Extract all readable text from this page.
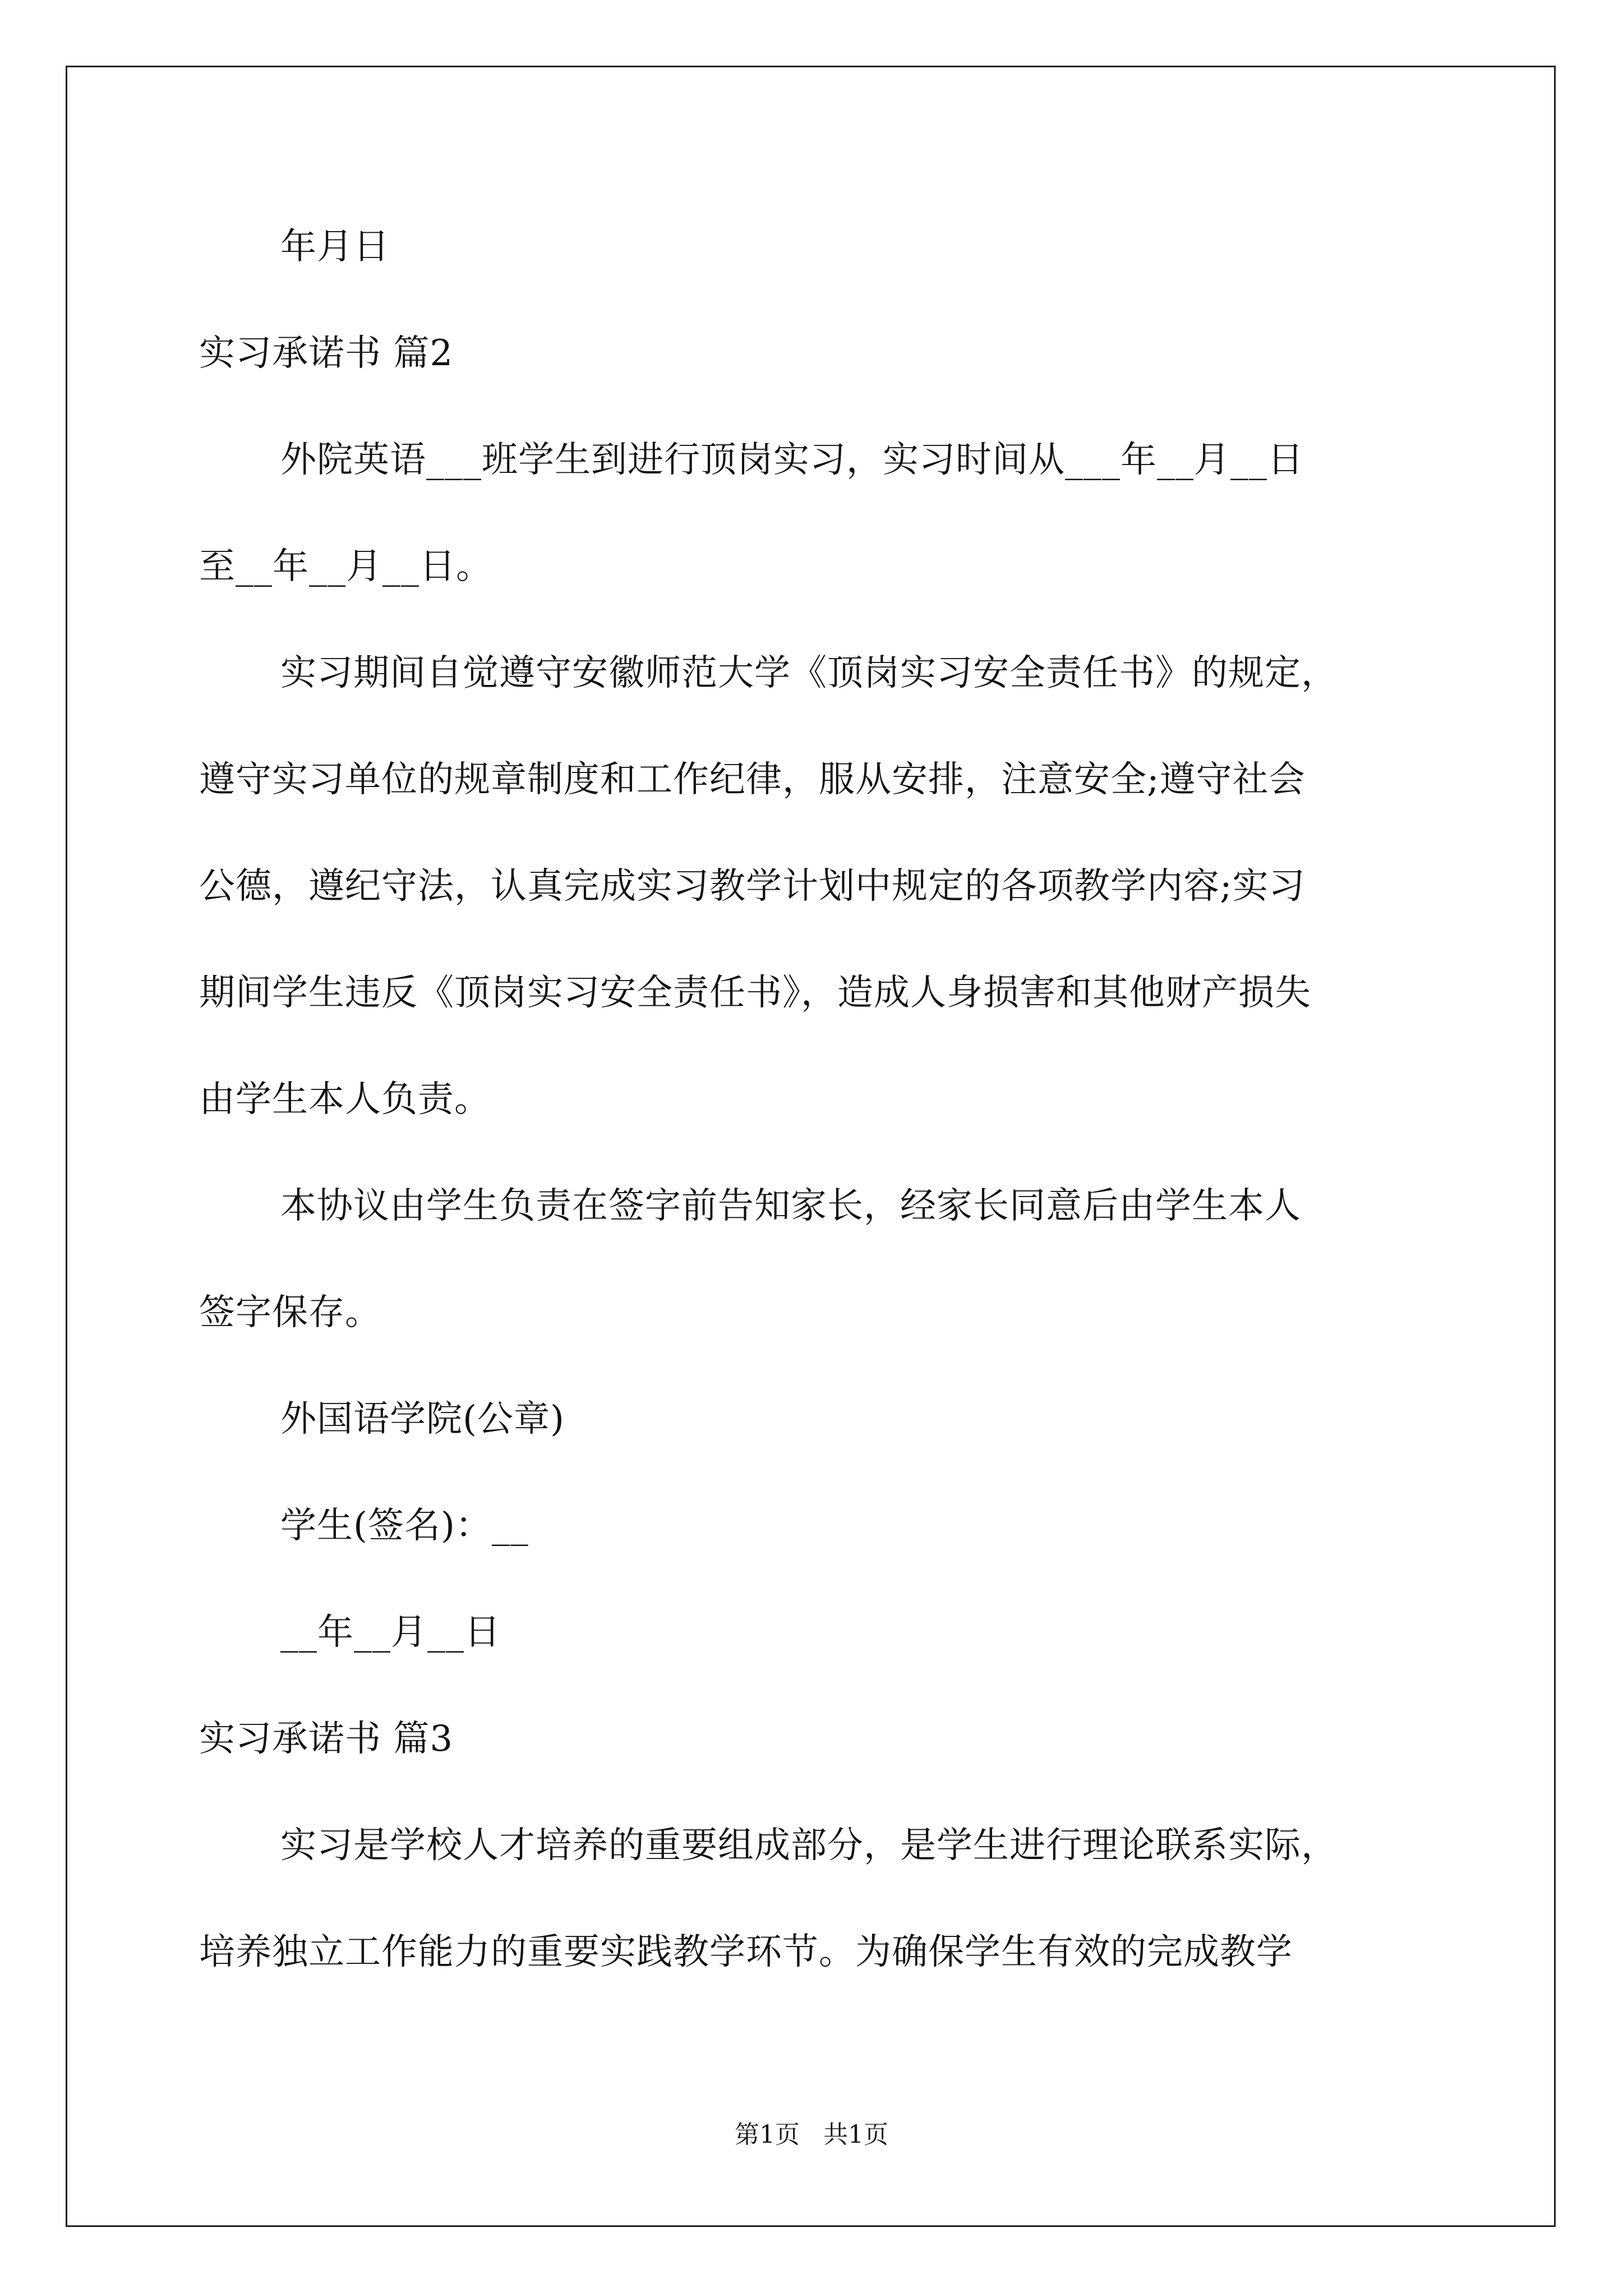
年月日
实习承诺书 篇2
外院英语___班学生到进行顶岗实习，实习时间从___年__月__日
至__年__月__日。
实习期间自觉遵守安徽师范大学《顶岗实习安全责任书》的规定，
遵守实习单位的规章制度和工作纪律，服从安排，注意安全;遵守社会
公德，遵纪守法，认真完成实习教学计划中规定的各项教学内容;实习
期间学生违反《顶岗实习安全责任书》，造成人身损害和其他财产损失
由学生本人负责。
本协议由学生负责在签字前告知家长，经家长同意后由学生本人
签字保存。
外国语学院(公章)
学生(签名)：__
__年__月__日
实习承诺书 篇3
实习是学校人才培养的重要组成部分，是学生进行理论联系实际，
培养独立工作能力的重要实践教学环节。为确保学生有效的完成教学
第1页   共1页
